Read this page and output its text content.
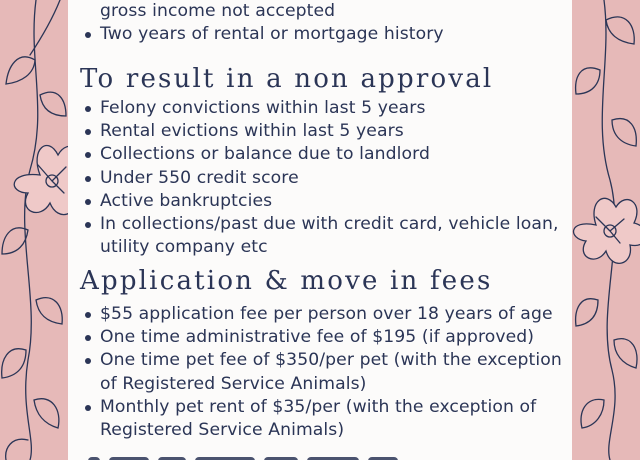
gross income not accepted
Two years of rental or mortgage history
To result in a non approval
Felony convictions within last 5 years
Rental evictions within last 5 years
Collections or balance due to landlord
Under 550 credit score
Active bankruptcies
In collections/past due with credit card, vehicle loan,
utility company etc
Application & move in fees
$55 application fee per person over 18 years of age
One time administrative fee of $195 (if approved)
One time pet fee of $350/per pet (with the exception
of Registered Service Animals)
Monthly pet rent of $35/per (with the exception of
Registered Service Animals)
